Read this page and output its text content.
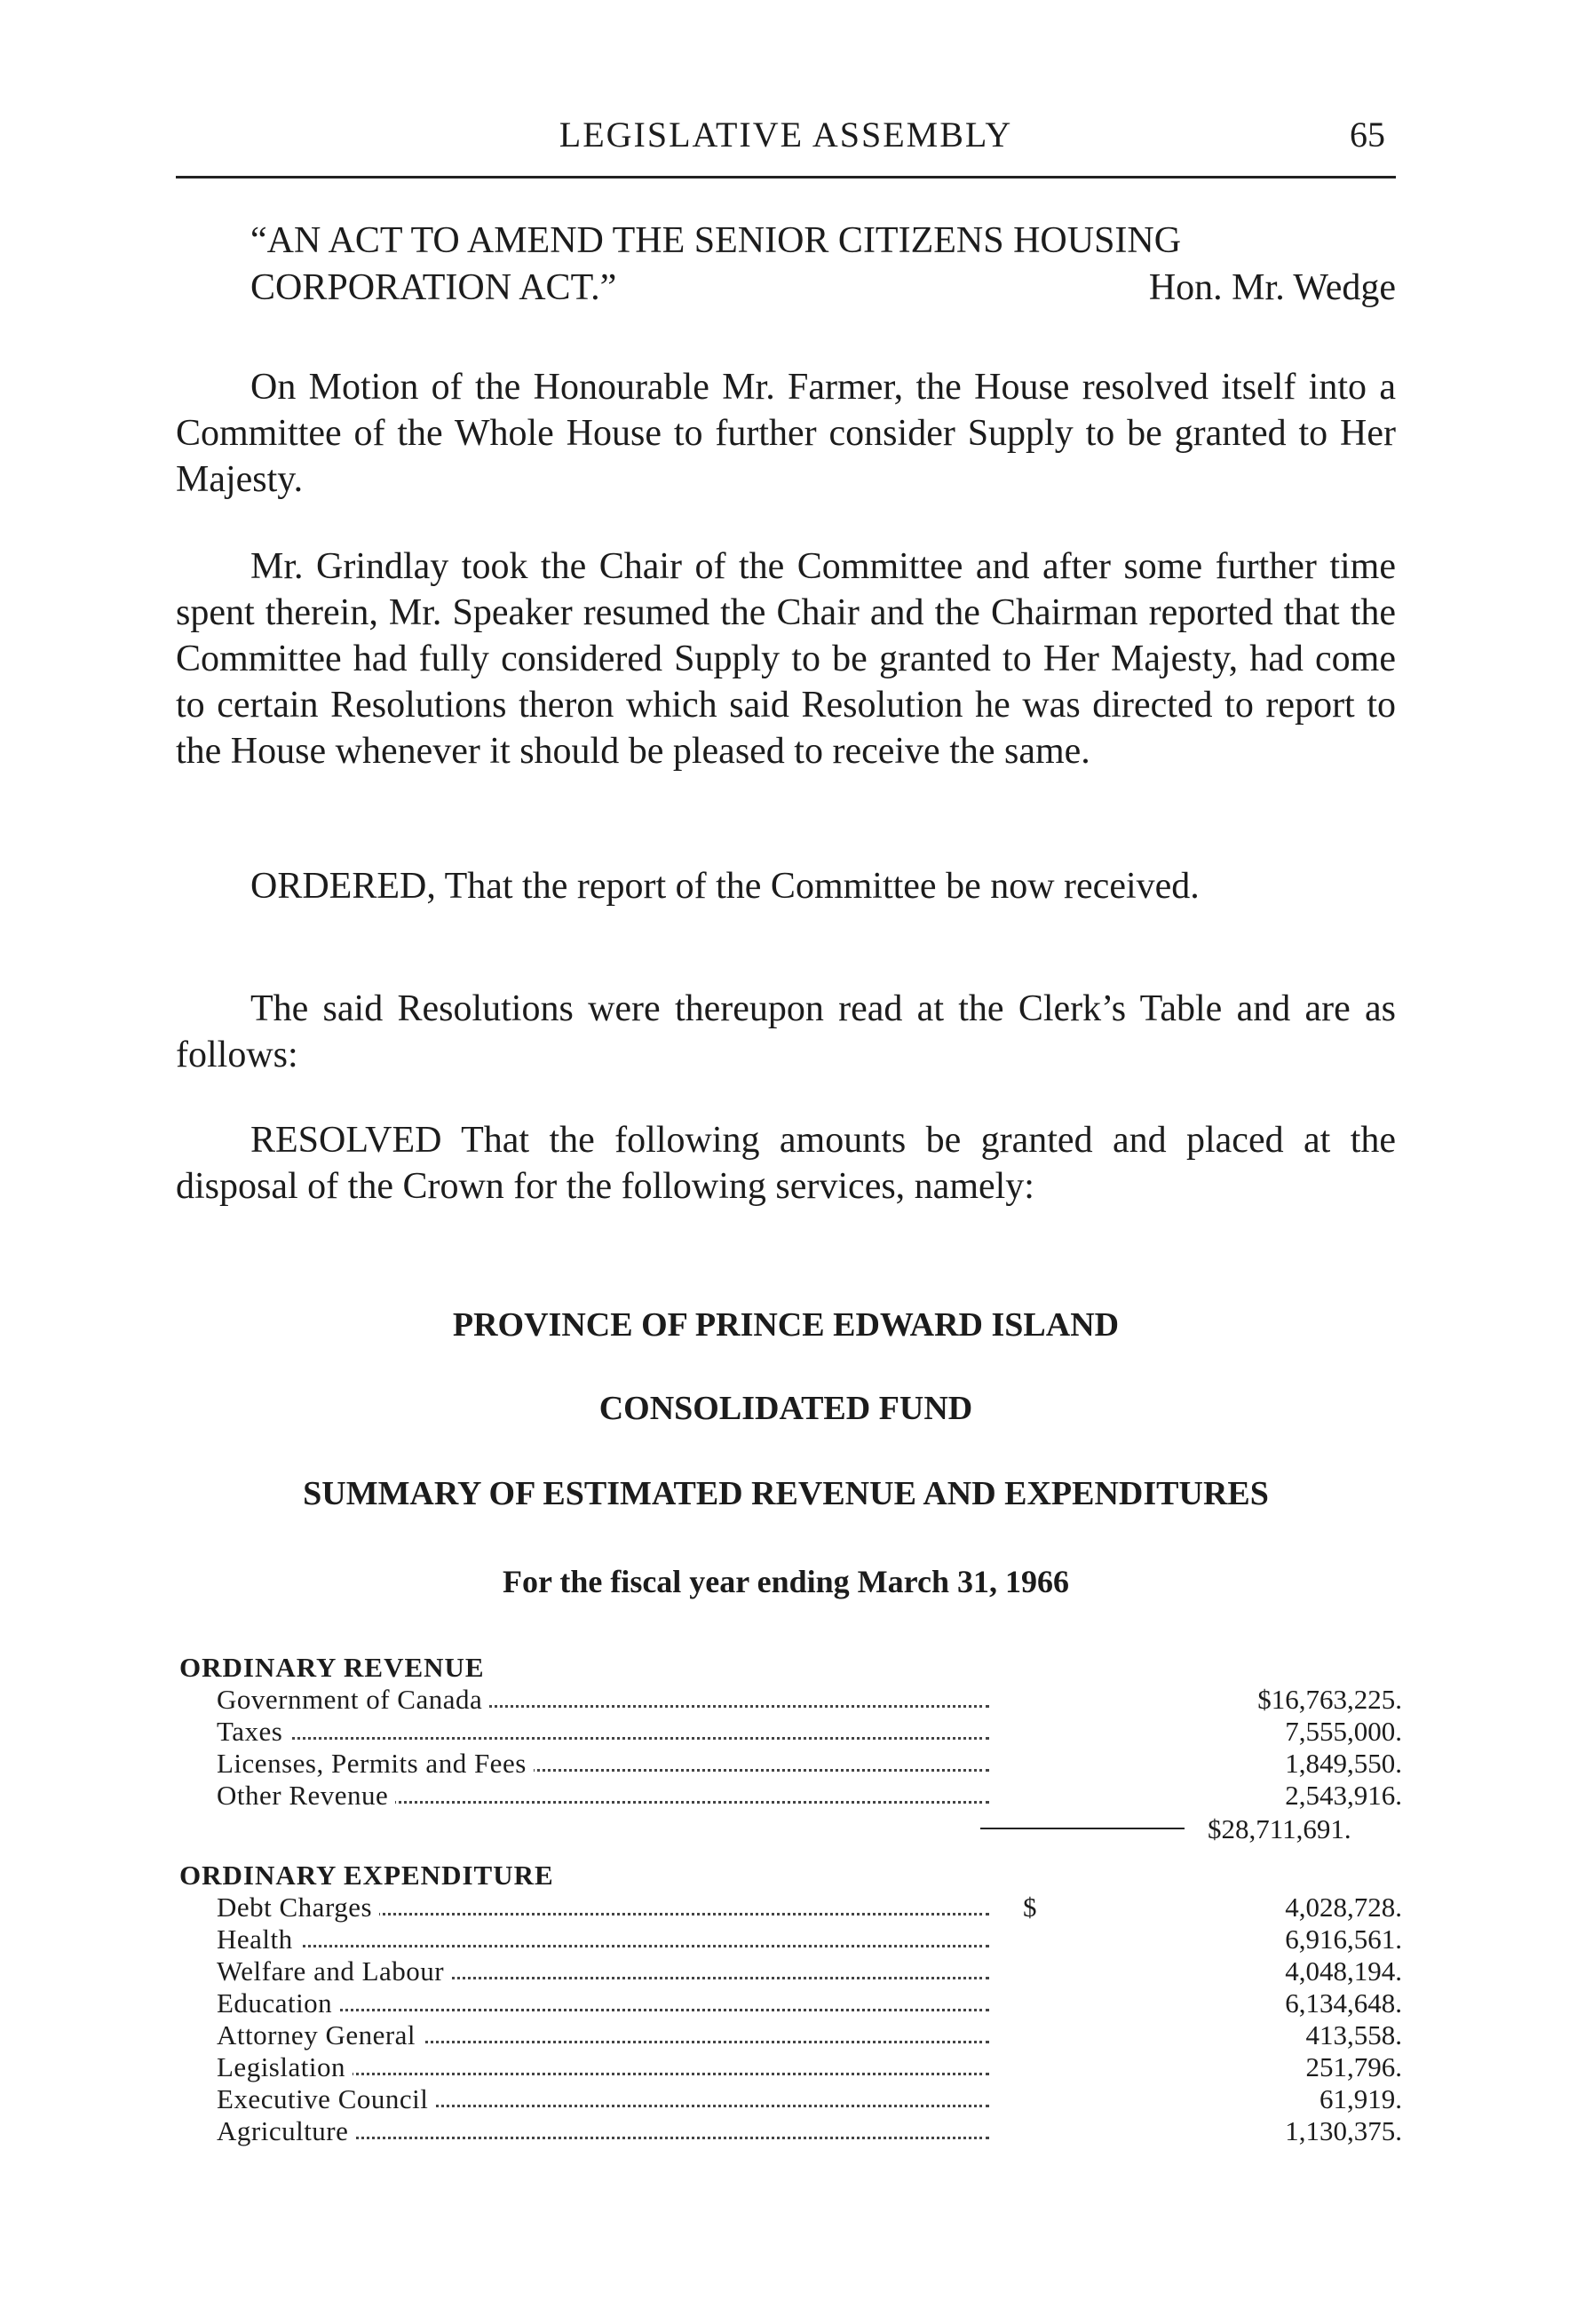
LEGISLATIVE ASSEMBLY	65
“AN ACT TO AMEND THE SENIOR CITIZENS HOUSING
CORPORATION ACT.”	Hon. Mr. Wedge
On Motion of the Honourable Mr. Farmer, the House resolved itself into a Committee of the Whole House to further consider Supply to be granted to Her Majesty.
Mr. Grindlay took the Chair of the Committee and after some further time spent therein, Mr. Speaker resumed the Chair and the Chairman reported that the Committee had fully considered Supply to be granted to Her Majesty, had come to certain Resolutions theron which said Resolution he was directed to report to the House whenever it should be pleased to receive the same.
ORDERED, That the report of the Committee be now received.
The said Resolutions were thereupon read at the Clerk’s Table and are as follows:
RESOLVED That the following amounts be granted and placed at the disposal of the Crown for the following services, namely:
PROVINCE OF PRINCE EDWARD ISLAND
CONSOLIDATED FUND
SUMMARY OF ESTIMATED REVENUE AND EXPENDITURES
For the fiscal year ending March 31, 1966
ORDINARY REVENUE
Government of Canada	$16,763,225.
Taxes	7,555,000.
Licenses, Permits and Fees	1,849,550.
Other Revenue	2,543,916.
$28,711,691.
ORDINARY EXPENDITURE
Debt Charges	$	4,028,728.
Health	6,916,561.
Welfare and Labour	4,048,194.
Education	6,134,648.
Attorney General	413,558.
Legislation	251,796.
Executive Council	61,919.
Agriculture	1,130,375.
